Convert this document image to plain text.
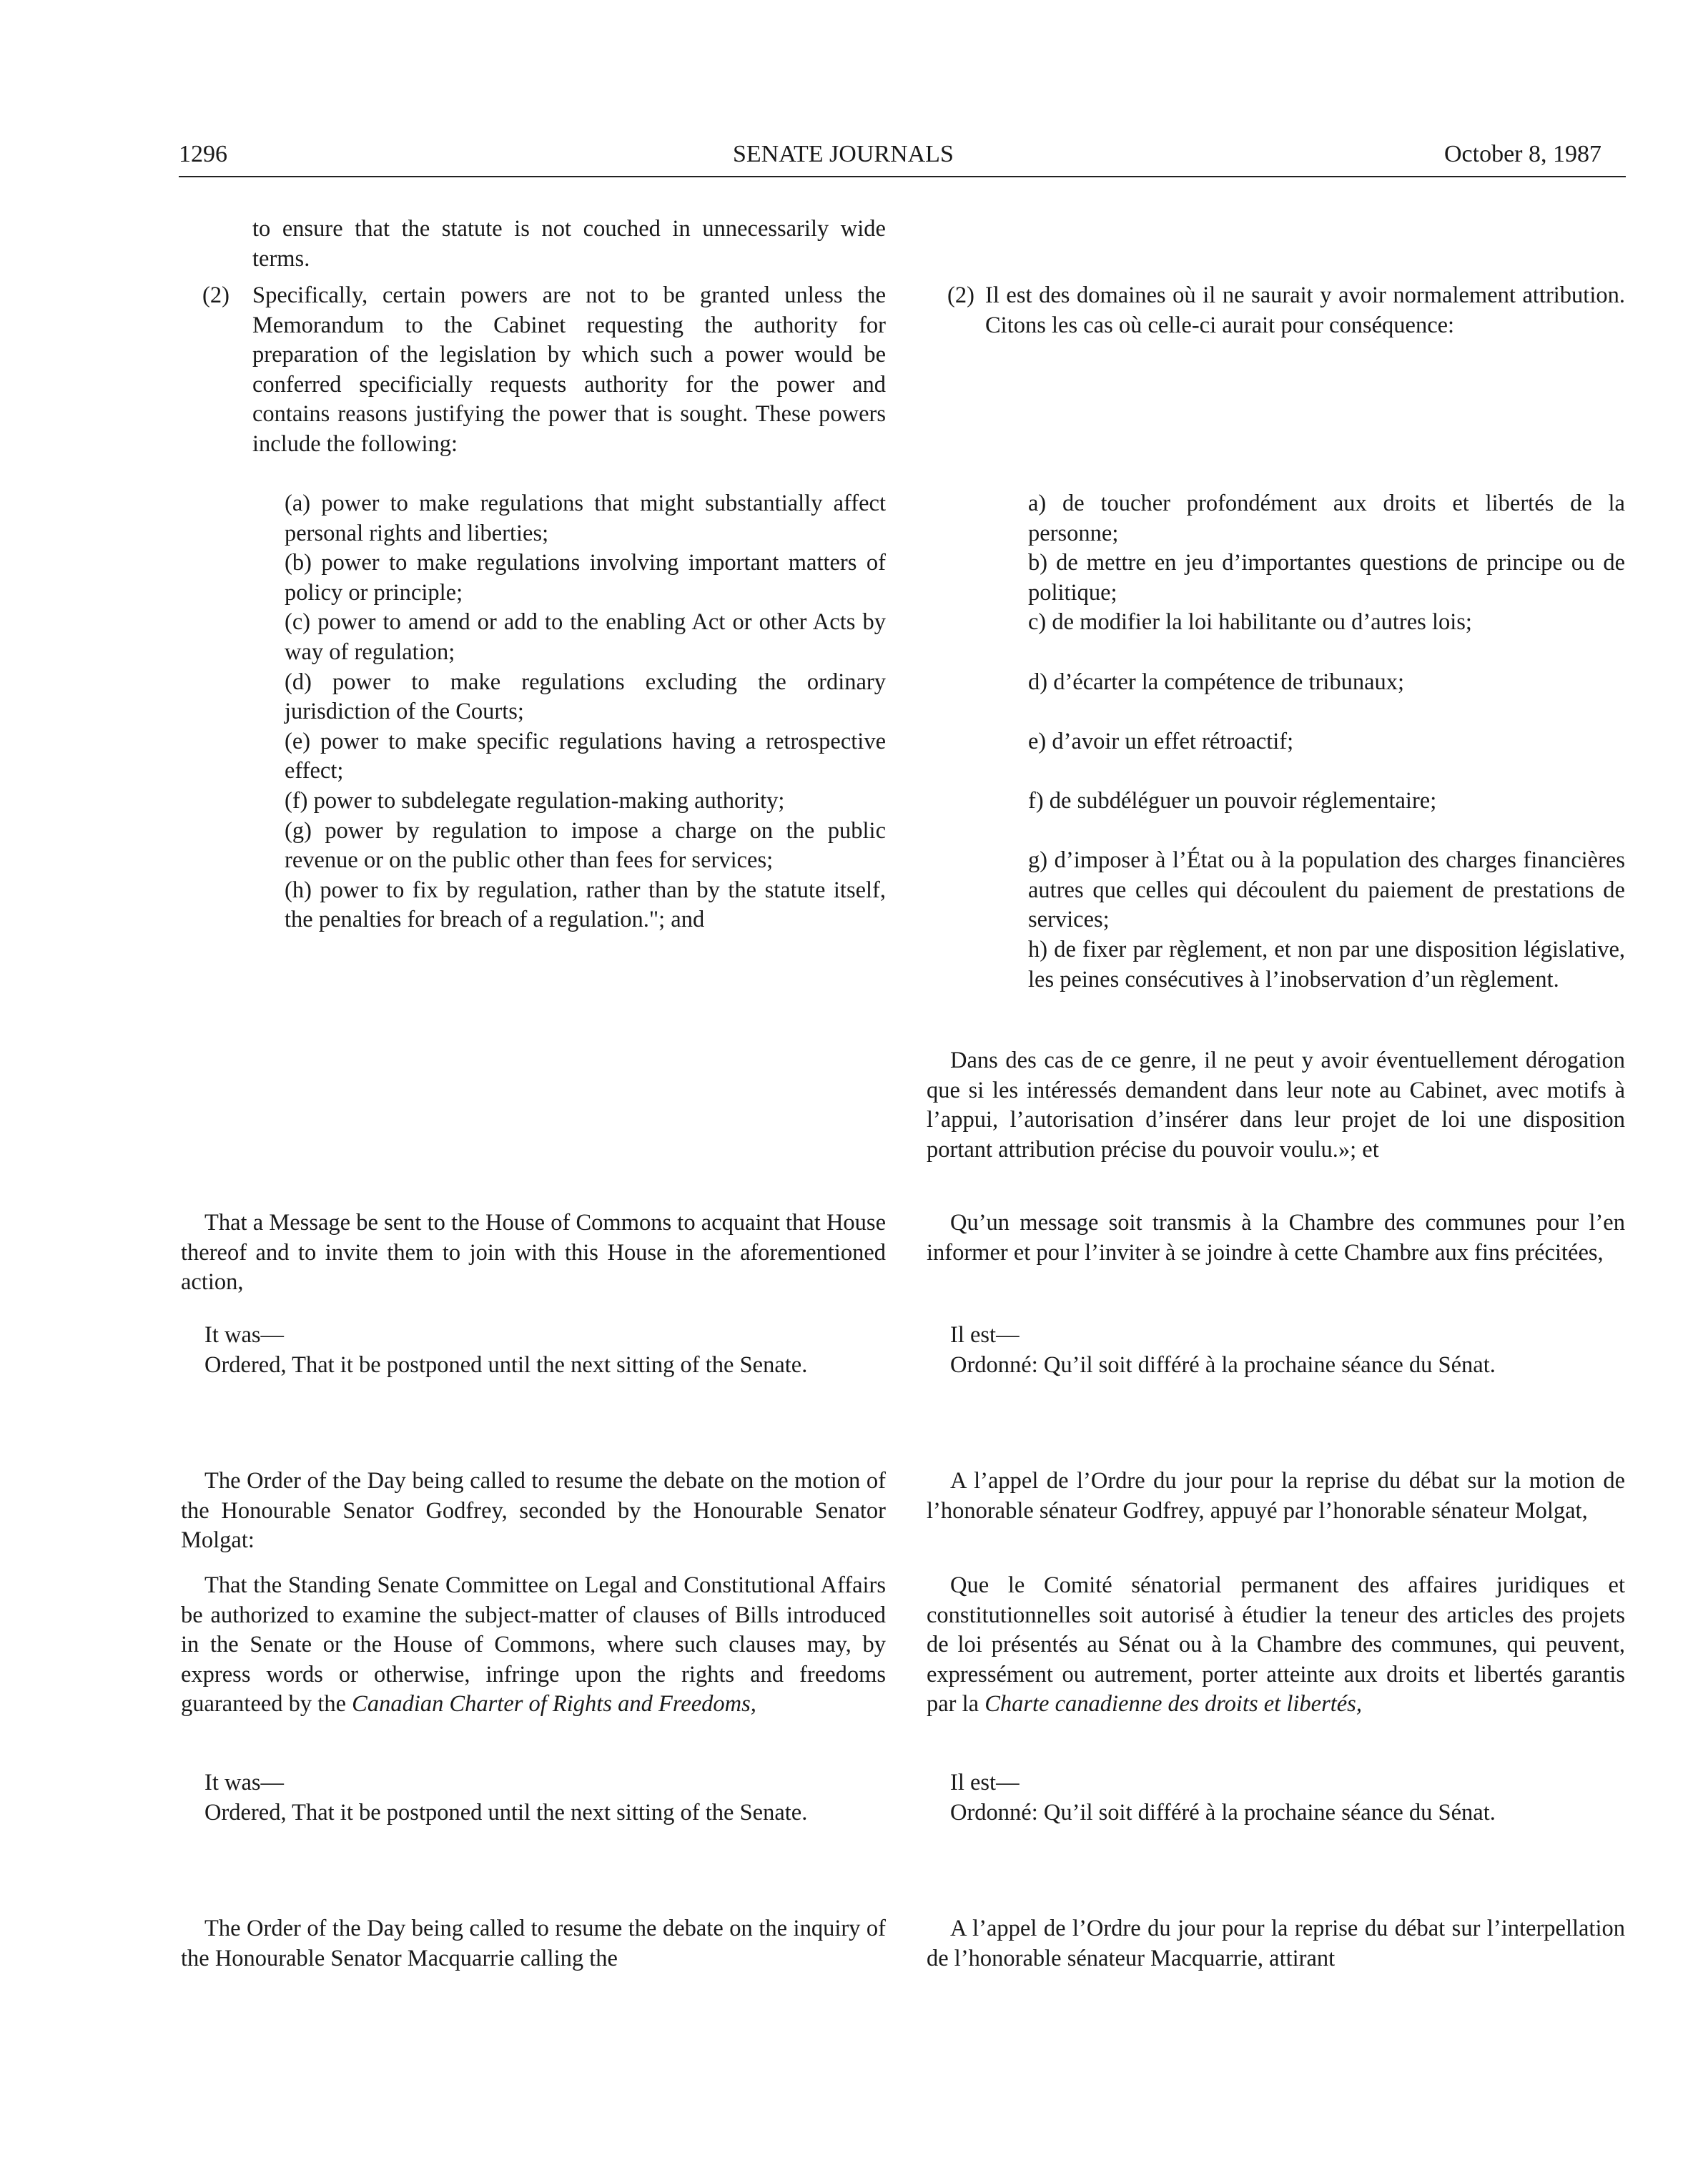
1296	SENATE JOURNALS	October 8, 1987

to ensure that the statute is not couched in unnecessarily wide terms.

(2) Specifically, certain powers are not to be granted unless the Memorandum to the Cabinet requesting the authority for preparation of the legislation by which such a power would be conferred specificially requests authority for the power and contains reasons justifying the power that is sought. These powers include the following:

(a) power to make regulations that might substantially affect personal rights and liberties;

(b) power to make regulations involving important matters of policy or principle;

(c) power to amend or add to the enabling Act or other Acts by way of regulation;

(d) power to make regulations excluding the ordinary jurisdiction of the Courts;

(e) power to make specific regulations having a retrospective effect;

(f) power to subdelegate regulation-making authority;

(g) power by regulation to impose a charge on the public revenue or on the public other than fees for services;

(h) power to fix by regulation, rather than by the statute itself, the penalties for breach of a regulation."; and

That a Message be sent to the House of Commons to acquaint that House thereof and to invite them to join with this House in the aforementioned action,

It was—
Ordered, That it be postponed until the next sitting of the Senate.

The Order of the Day being called to resume the debate on the motion of the Honourable Senator Godfrey, seconded by the Honourable Senator Molgat:

That the Standing Senate Committee on Legal and Constitutional Affairs be authorized to examine the subject-matter of clauses of Bills introduced in the Senate or the House of Commons, where such clauses may, by express words or otherwise, infringe upon the rights and freedoms guaranteed by the Canadian Charter of Rights and Freedoms,

It was—
Ordered, That it be postponed until the next sitting of the Senate.

The Order of the Day being called to resume the debate on the inquiry of the Honourable Senator Macquarrie calling the

(2) Il est des domaines où il ne saurait y avoir normalement attribution. Citons les cas où celle-ci aurait pour conséquence:

a) de toucher profondément aux droits et libertés de la personne;

b) de mettre en jeu d’importantes questions de principe ou de politique;

c) de modifier la loi habilitante ou d’autres lois;

d) d’écarter la compétence de tribunaux;

e) d’avoir un effet rétroactif;

f) de subdéléguer un pouvoir réglementaire;

g) d’imposer à l’État ou à la population des charges financières autres que celles qui découlent du paiement de prestations de services;

h) de fixer par règlement, et non par une disposition législative, les peines consécutives à l’inobservation d’un règlement.

Dans des cas de ce genre, il ne peut y avoir éventuellement dérogation que si les intéressés demandent dans leur note au Cabinet, avec motifs à l’appui, l’autorisation d’insérer dans leur projet de loi une disposition portant attribution précise du pouvoir voulu.»; et

Qu’un message soit transmis à la Chambre des communes pour l’en informer et pour l’inviter à se joindre à cette Chambre aux fins précitées,

Il est—
Ordonné: Qu’il soit différé à la prochaine séance du Sénat.

A l’appel de l’Ordre du jour pour la reprise du débat sur la motion de l’honorable sénateur Godfrey, appuyé par l’honorable sénateur Molgat,

Que le Comité sénatorial permanent des affaires juridiques et constitutionnelles soit autorisé à étudier la teneur des articles des projets de loi présentés au Sénat ou à la Chambre des communes, qui peuvent, expressément ou autrement, porter atteinte aux droits et libertés garantis par la Charte canadienne des droits et libertés,

Il est—
Ordonné: Qu’il soit différé à la prochaine séance du Sénat.

A l’appel de l’Ordre du jour pour la reprise du débat sur l’interpellation de l’honorable sénateur Macquarrie, attirant
